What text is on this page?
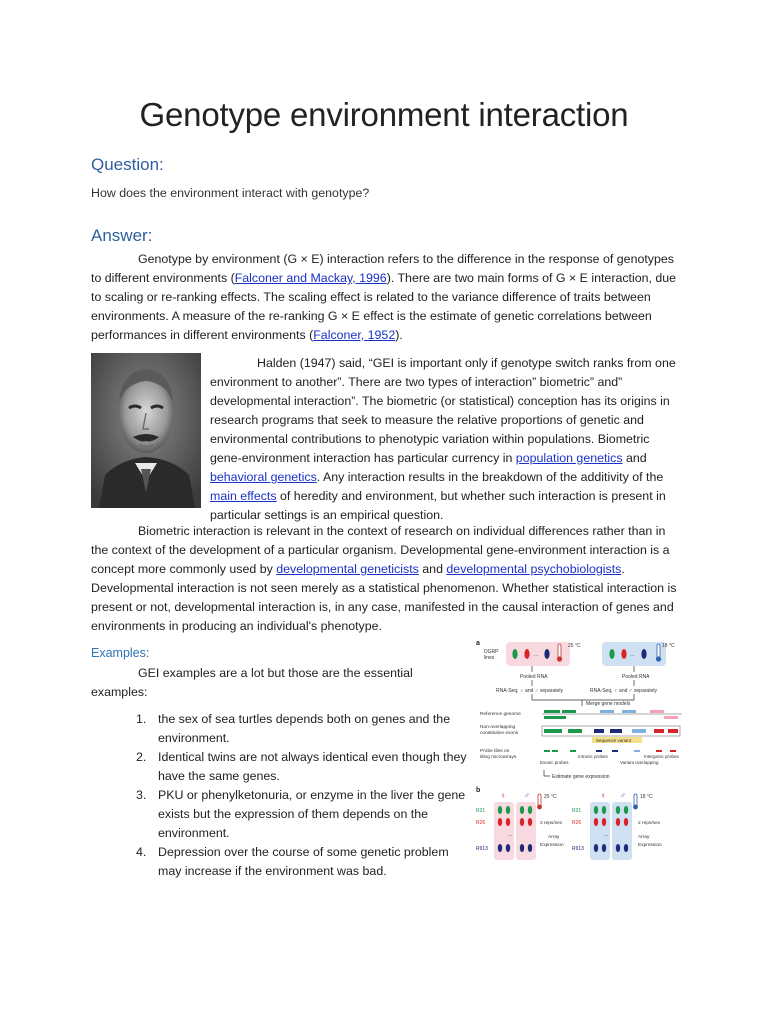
Genotype environment interaction
Question:
How does the environment interact with genotype?
Answer:

Genotype by environment (G × E) interaction refers to the difference in the response of genotypes to different environments (Falconer and Mackay, 1996). There are two main forms of G × E interaction, due to scaling or re-ranking effects. The scaling effect is related to the variance difference of traits between environments. A measure of the re-ranking G × E effect is the estimate of genetic correlations between performances in different environments (Falconer, 1952).

Halden (1947) said, “GEI is important only if genotype switch ranks from one environment to another”. There are two types of interaction” biometric” and” developmental interaction”. The biometric (or statistical) conception has its origins in research programs that seek to measure the relative proportions of genetic and environmental contributions to phenotypic variation within populations. Biometric gene-environment interaction has particular currency in population genetics and behavioral genetics. Any interaction results in the breakdown of the additivity of the main effects of heredity and environment, but whether such interaction is present in particular settings is an empirical question.

Biometric interaction is relevant in the context of research on individual differences rather than in the context of the development of a particular organism. Developmental gene-environment interaction is a concept more commonly used by developmental geneticists and developmental psychobiologists. Developmental interaction is not seen merely as a statistical phenomenon. Whether statistical interaction is present or not, developmental interaction is, in any case, manifested in the causal interaction of genes and environments in producing an individual's phenotype.

Examples:

GEI examples are a lot but those are the essential examples:

1. the sex of sea turtles depends both on genes and the environment.
2. Identical twins are not always identical even though they have the same genes.
3. PKU or phenylketonuria, or enzyme in the liver the gene exists but the expression of them depends on the environment.
4. Depression over the course of some genetic problem may increase if the environment was bad.
a
DGRP
lines	...
25 °C
...
18 °C
Pooled RNA	Pooled RNA
RNA-Seq, ♀ and ♂ separately	RNA-Seq, ♀ and ♂ separately
Merge gene models
Reference genome
Non-overlapping
constitutive exons
Sequence variant
Probe tiles on
tiling microarrays	Intronic probes	Intergenic probes
Exonic probes	Variant overlapping
Estimate gene expression
b
♀ ♂	♀ ♂
R21
R26
R913
R21
R26
R913
...	...
25 °C	18 °C
2 reps/sex
Array
Expression
2 reps/sex
Array
Expression
